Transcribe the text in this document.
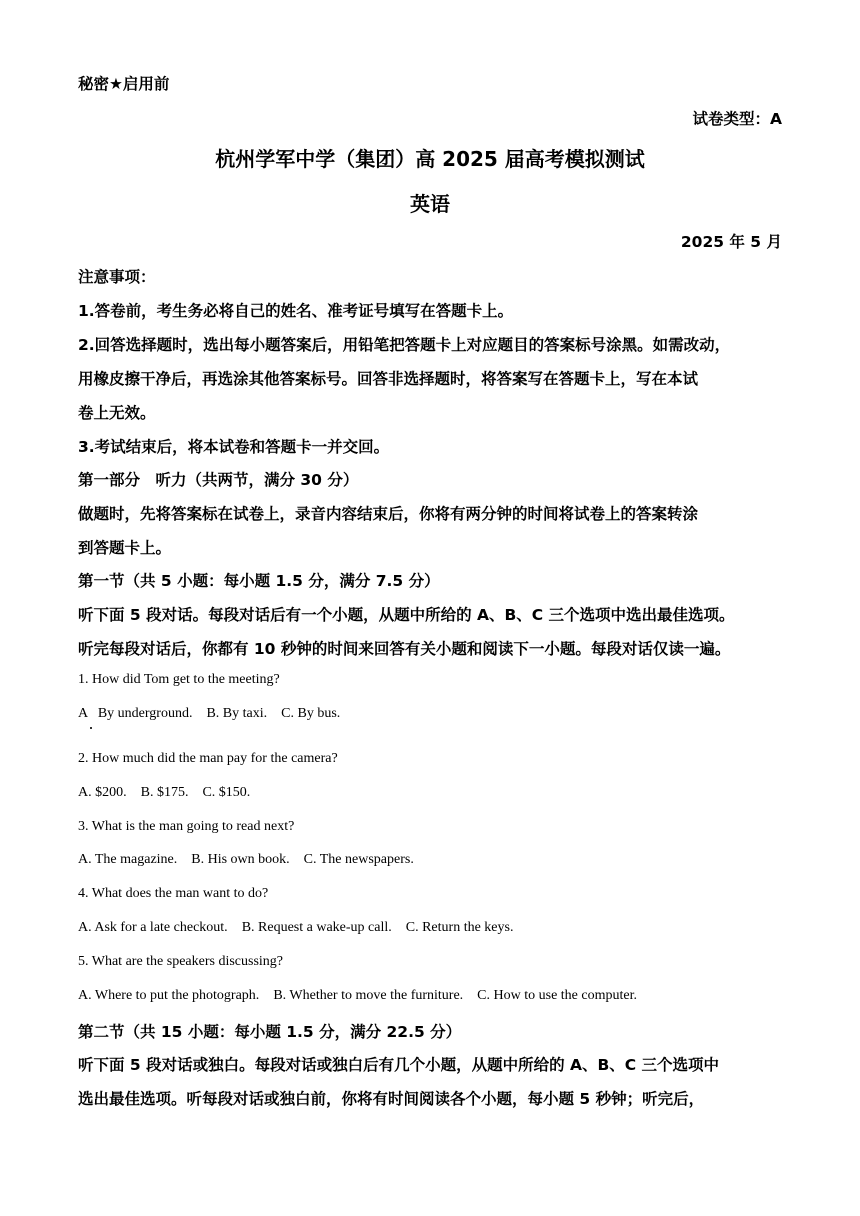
秘密★启用前
试卷类型：A
杭州学军中学（集团）高 2025 届高考模拟测试
英语
2025 年 5 月
注意事项：
1.答卷前，考生务必将自己的姓名、准考证号填写在答题卡上。
2.回答选择题时，选出每小题答案后，用铅笔把答题卡上对应题目的答案标号涂黑。如需改动，
用橡皮擦干净后，再选涂其他答案标号。回答非选择题时，将答案写在答题卡上，写在本试
卷上无效。
3.考试结束后，将本试卷和答题卡一并交回。
第一部分　听力（共两节，满分 30 分）
做题时，先将答案标在试卷上，录音内容结束后，你将有两分钟的时间将试卷上的答案转涂
到答题卡上。
第一节（共 5 小题：每小题 1.5 分，满分 7.5 分）
听下面 5 段对话。每段对话后有一个小题，从题中所给的 A、B、C 三个选项中选出最佳选项。
听完每段对话后，你都有 10 秒钟的时间来回答有关小题和阅读下一小题。每段对话仅读一遍。
1. How did Tom get to the meeting?
A   By underground. B. By taxi. C. By bus.
2. How much did the man pay for the camera?
A. $200. B. $175. C. $150.
3. What is the man going to read next?
A. The magazine. B. His own book. C. The newspapers.
4. What does the man want to do?
A. Ask for a late checkout. B. Request a wake-up call. C. Return the keys.
5. What are the speakers discussing?
A. Where to put the photograph. B. Whether to move the furniture. C. How to use the computer.
第二节（共 15 小题：每小题 1.5 分，满分 22.5 分）
听下面 5 段对话或独白。每段对话或独白后有几个小题，从题中所给的 A、B、C 三个选项中
选出最佳选项。听每段对话或独白前，你将有时间阅读各个小题，每小题 5 秒钟；听完后，
